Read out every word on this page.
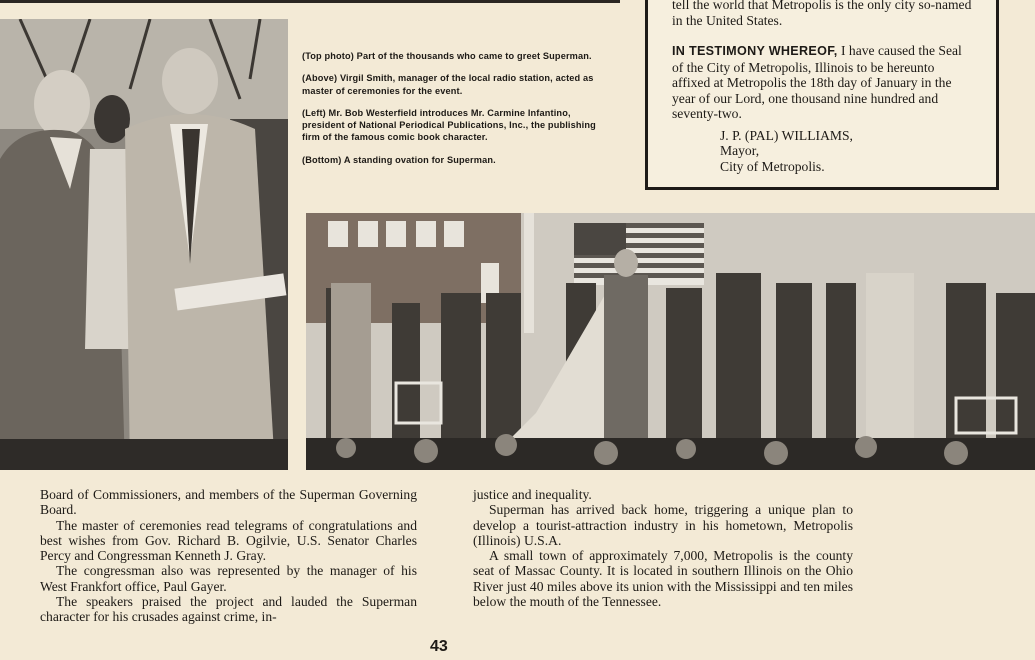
(Top photo) Part of the thousands who came to greet Superman.

(Above) Virgil Smith, manager of the local radio station, acted as master of ceremonies for the event.

(Left) Mr. Bob Westerfield introduces Mr. Carmine Infantino, president of National Periodical Publications, Inc., the publishing firm of the famous comic book character.

(Bottom) A standing ovation for Superman.

tell the world that Metropolis is the only city so-named in the United States.
IN TESTIMONY WHEREOF, I have caused the Seal of the City of Metropolis, Illinois to be hereunto affixed at Metropolis the 18th day of January in the year of our Lord, one thousand nine hundred and seventy-two.
J. P. (PAL) WILLIAMS,
Mayor,
City of Metropolis.

Board of Commissioners, and members of the Superman Governing Board.

The master of ceremonies read telegrams of congratulations and best wishes from Gov. Richard B. Ogilvie, U.S. Senator Charles Percy and Congressman Kenneth J. Gray.

The congressman also was represented by the manager of his West Frankfort office, Paul Gayer.

The speakers praised the project and lauded the Superman character for his crusades against crime, in-

justice and inequality.

Superman has arrived back home, triggering a unique plan to develop a tourist-attraction industry in his hometown, Metropolis (Illinois) U.S.A.

A small town of approximately 7,000, Metropolis is the county seat of Massac County. It is located in southern Illinois on the Ohio River just 40 miles above its union with the Mississippi and ten miles below the mouth of the Tennessee.

43
